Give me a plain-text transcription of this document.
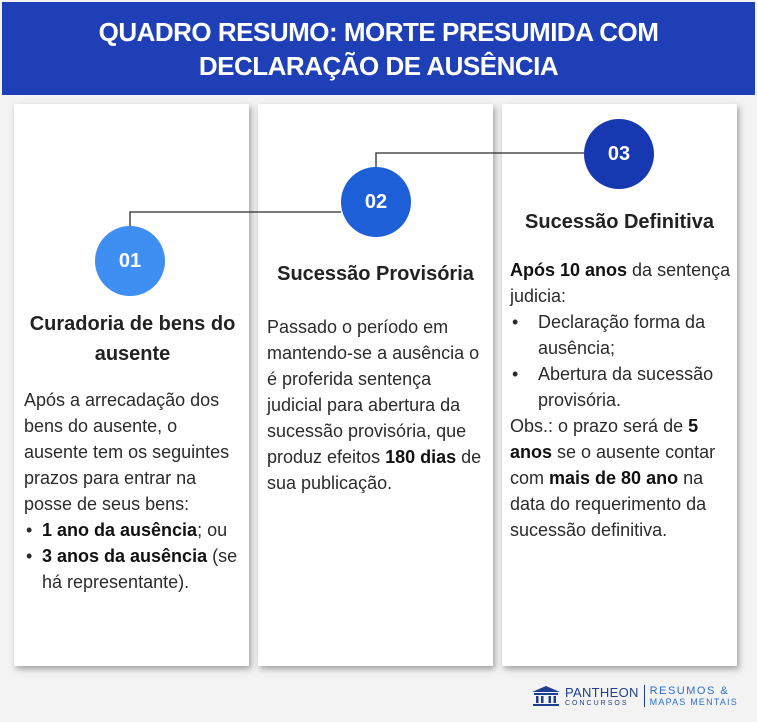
QUADRO RESUMO: MORTE PRESUMIDA COM DECLARAÇÃO DE AUSÊNCIA
01
02
03
Curadoria de bens do ausente
Sucessão Provisória
Sucessão Definitiva

Após a arrecadação dos bens do ausente, o ausente tem os seguintes prazos para entrar na posse de seus bens:

• 1 ano da ausência; ou
• 3 anos da ausência (se há representante).

Passado o período em mantendo-se a ausência o é proferida sentença judicial para abertura da sucessão provisória, que produz efeitos 180 dias de sua publicação.

Após 10 anos da sentença judicia:

• Declaração forma da ausência;
• Abertura da sucessão provisória.

Obs.: o prazo será de 5 anos se o ausente contar com mais de 80 ano na data do requerimento da sucessão definitiva.

PANTHEON
CONCURSOS
RESUMOS &
MAPAS MENTAIS
